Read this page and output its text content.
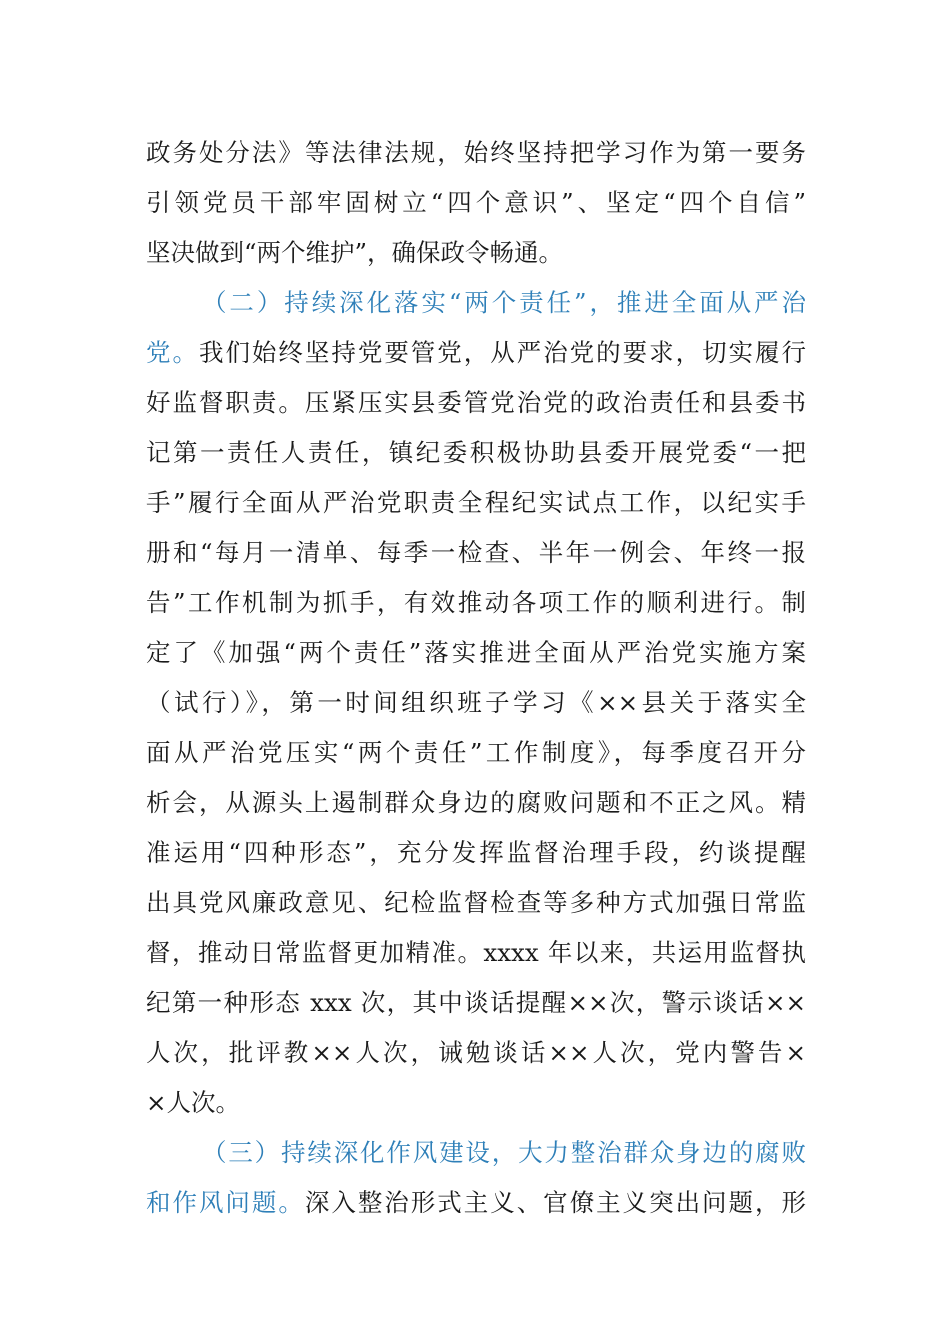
政务处分法》等法律法规，始终坚持把学习作为第一要务
引领党员干部牢固树立“四个意识”、坚定“四个自信”
坚决做到“两个维护”，确保政令畅通。
（二）持续深化落实“两个责任”，推进全面从严治
党。我们始终坚持党要管党，从严治党的要求，切实履行
好监督职责。压紧压实县委管党治党的政治责任和县委书
记第一责任人责任，镇纪委积极协助县委开展党委“一把
手”履行全面从严治党职责全程纪实试点工作，以纪实手
册和“每月一清单、每季一检查、半年一例会、年终一报
告”工作机制为抓手，有效推动各项工作的顺利进行。制
定了《加强“两个责任”落实推进全面从严治党实施方案
（试行）》，第一时间组织班子学习《××县关于落实全
面从严治党压实“两个责任”工作制度》，每季度召开分
析会，从源头上遏制群众身边的腐败问题和不正之风。精
准运用“四种形态”，充分发挥监督治理手段，约谈提醒
出具党风廉政意见、纪检监督检查等多种方式加强日常监
督，推动日常监督更加精准。xxxx 年以来，共运用监督执
纪第一种形态 xxx 次，其中谈话提醒××次，警示谈话××
人次，批评教××人次，诫勉谈话××人次，党内警告×
×人次。
（三）持续深化作风建设，大力整治群众身边的腐败
和作风问题。深入整治形式主义、官僚主义突出问题，形
